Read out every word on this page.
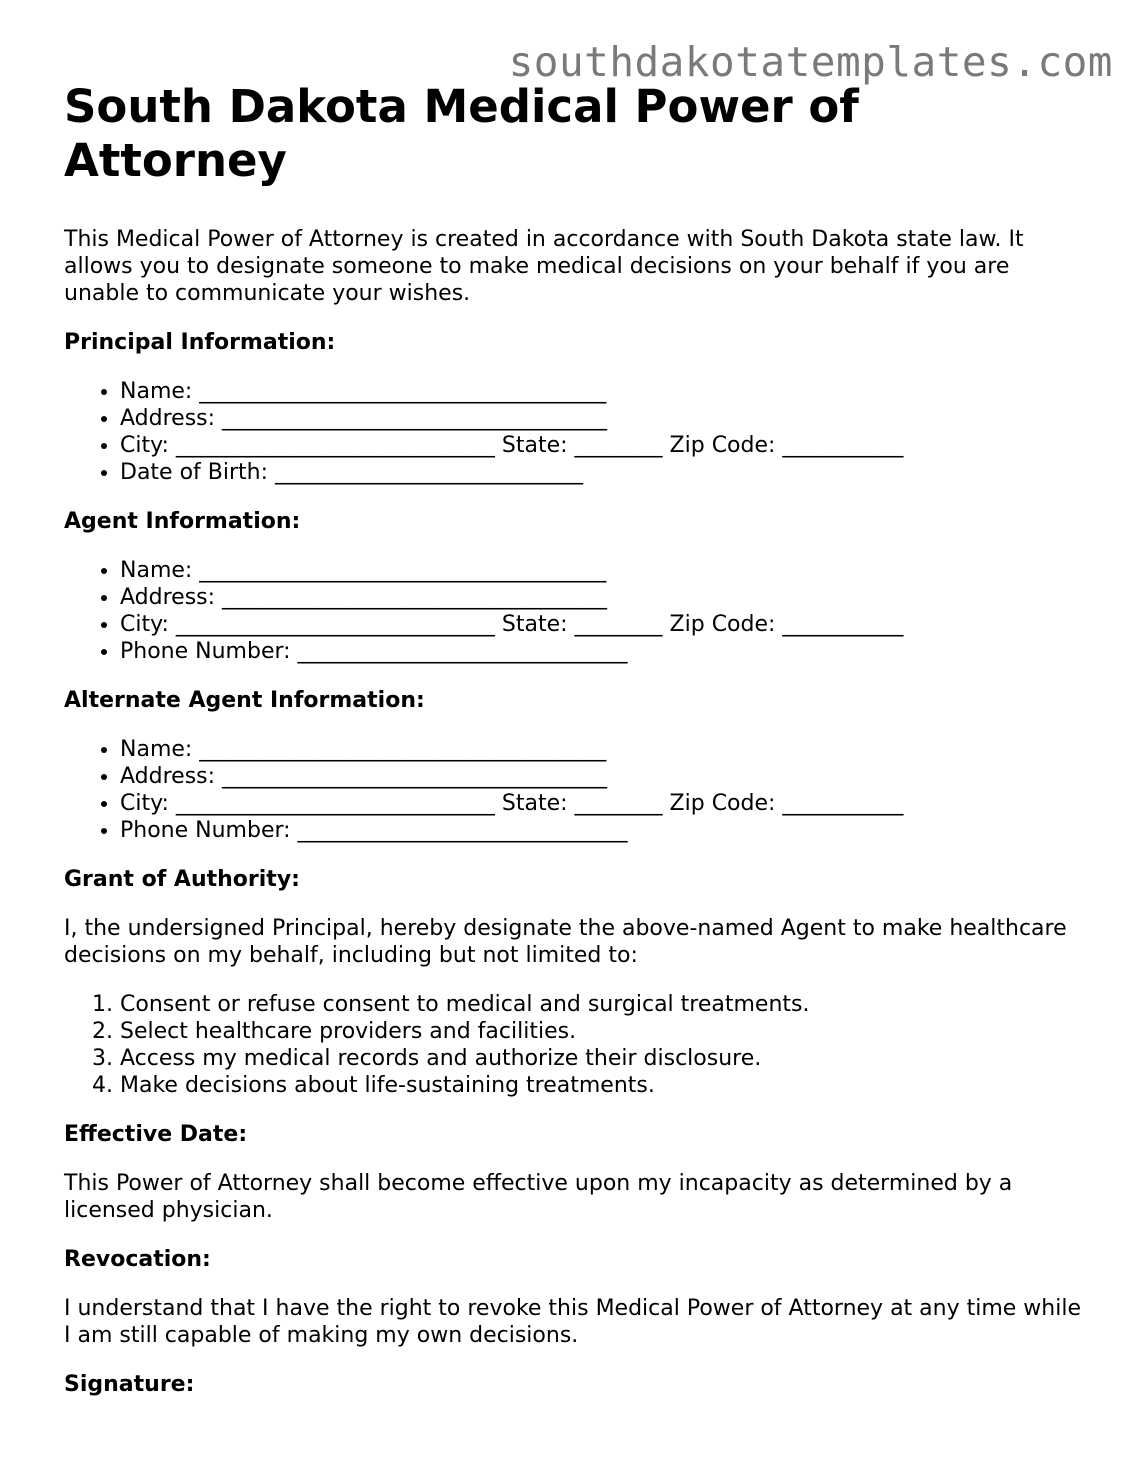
southdakotatemplates.com
South Dakota Medical Power of Attorney

This Medical Power of Attorney is created in accordance with South Dakota state law. It allows you to designate someone to make medical decisions on your behalf if you are unable to communicate your wishes.

Principal Information:
• Name: _____________________________________
• Address: ___________________________________
• City: _____________________________ State: ________ Zip Code: ___________
• Date of Birth: ____________________________
Agent Information:
• Name: _____________________________________
• Address: ___________________________________
• City: _____________________________ State: ________ Zip Code: ___________
• Phone Number: ______________________________
Alternate Agent Information:
• Name: _____________________________________
• Address: ___________________________________
• City: _____________________________ State: ________ Zip Code: ___________
• Phone Number: ______________________________
Grant of Authority:

I, the undersigned Principal, hereby designate the above-named Agent to make healthcare decisions on my behalf, including but not limited to:

1. Consent or refuse consent to medical and surgical treatments.
2. Select healthcare providers and facilities.
3. Access my medical records and authorize their disclosure.
4. Make decisions about life-sustaining treatments.
Effective Date:

This Power of Attorney shall become effective upon my incapacity as determined by a licensed physician.

Revocation:

I understand that I have the right to revoke this Medical Power of Attorney at any time while I am still capable of making my own decisions.

Signature:
